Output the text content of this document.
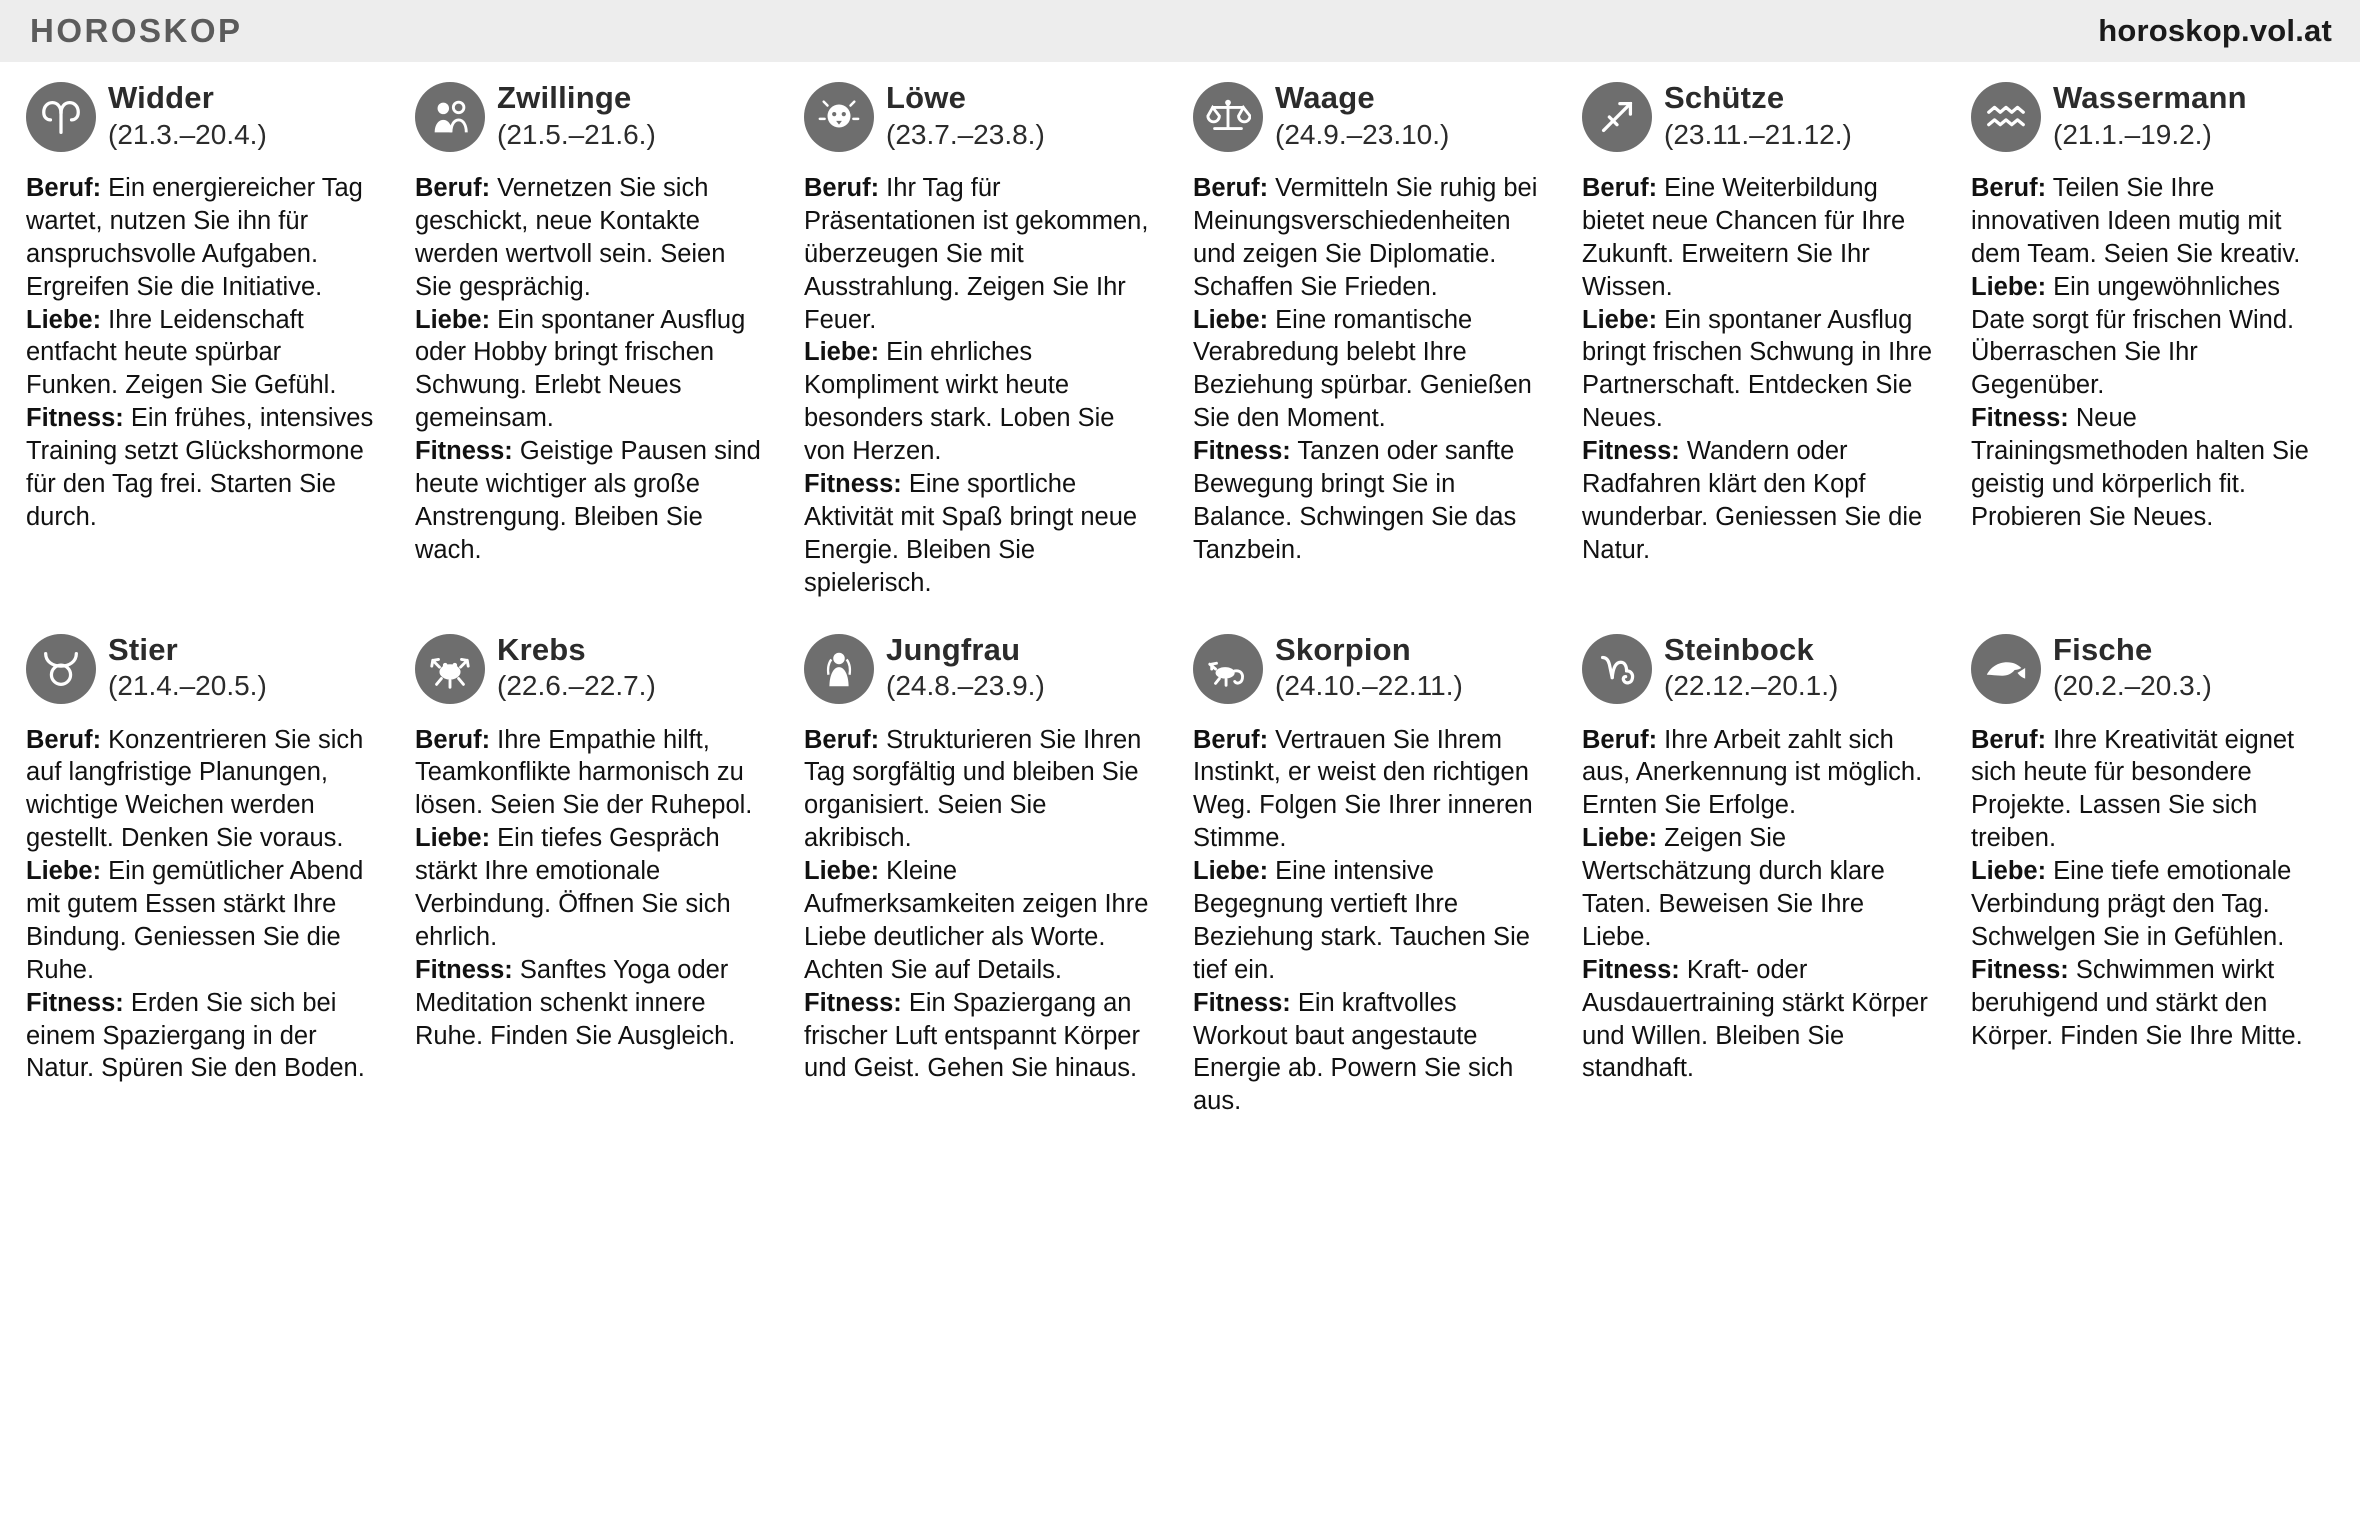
HOROSKOP	horoskop.vol.at
Widder
(21.3.–20.4.)

Beruf: Ein energiereicher Tag wartet, nutzen Sie ihn für anspruchsvolle Aufgaben. Ergreifen Sie die Initiative.

Liebe: Ihre Leidenschaft entfacht heute spürbar Funken. Zeigen Sie Gefühl.

Fitness: Ein frühes, intensives Training setzt Glückshormone für den Tag frei. Starten Sie durch.

Zwillinge
(21.5.–21.6.)

Beruf: Vernetzen Sie sich geschickt, neue Kontakte werden wertvoll sein. Seien Sie gesprächig.

Liebe: Ein spontaner Ausflug oder Hobby bringt frischen Schwung. Erlebt Neues gemeinsam.

Fitness: Geistige Pausen sind heute wichtiger als große Anstrengung. Bleiben Sie wach.

Löwe
(23.7.–23.8.)

Beruf: Ihr Tag für Präsentationen ist gekommen, überzeugen Sie mit Ausstrahlung. Zeigen Sie Ihr Feuer.

Liebe: Ein ehrliches Kompliment wirkt heute besonders stark. Loben Sie von Herzen.

Fitness: Eine sportliche Aktivität mit Spaß bringt neue Energie. Bleiben Sie spielerisch.

Waage
(24.9.–23.10.)

Beruf: Vermitteln Sie ruhig bei Meinungsverschiedenheiten und zeigen Sie Diplomatie. Schaffen Sie Frieden.

Liebe: Eine romantische Verabredung belebt Ihre Beziehung spürbar. Genießen Sie den Moment.

Fitness: Tanzen oder sanfte Bewegung bringt Sie in Balance. Schwingen Sie das Tanzbein.

Schütze
(23.11.–21.12.)

Beruf: Eine Weiterbildung bietet neue Chancen für Ihre Zukunft. Erweitern Sie Ihr Wissen.

Liebe: Ein spontaner Ausflug bringt frischen Schwung in Ihre Partnerschaft. Entdecken Sie Neues.

Fitness: Wandern oder Radfahren klärt den Kopf wunderbar. Geniessen Sie die Natur.

Wassermann
(21.1.–19.2.)

Beruf: Teilen Sie Ihre innovativen Ideen mutig mit dem Team. Seien Sie kreativ.

Liebe: Ein ungewöhnliches Date sorgt für frischen Wind. Überraschen Sie Ihr Gegenüber.

Fitness: Neue Trainingsmethoden halten Sie geistig und körperlich fit. Probieren Sie Neues.

Stier
(21.4.–20.5.)

Beruf: Konzentrieren Sie sich auf langfristige Planungen, wichtige Weichen werden gestellt. Denken Sie voraus.

Liebe: Ein gemütlicher Abend mit gutem Essen stärkt Ihre Bindung. Geniessen Sie die Ruhe.

Fitness: Erden Sie sich bei einem Spaziergang in der Natur. Spüren Sie den Boden.

Krebs
(22.6.–22.7.)

Beruf: Ihre Empathie hilft, Teamkonflikte harmonisch zu lösen. Seien Sie der Ruhepol.

Liebe: Ein tiefes Gespräch stärkt Ihre emotionale Verbindung. Öffnen Sie sich ehrlich.

Fitness: Sanftes Yoga oder Meditation schenkt innere Ruhe. Finden Sie Ausgleich.

Jungfrau
(24.8.–23.9.)

Beruf: Strukturieren Sie Ihren Tag sorgfältig und bleiben Sie organisiert. Seien Sie akribisch.

Liebe: Kleine Aufmerksamkeiten zeigen Ihre Liebe deutlicher als Worte. Achten Sie auf Details.

Fitness: Ein Spaziergang an frischer Luft entspannt Körper und Geist. Gehen Sie hinaus.

Skorpion
(24.10.–22.11.)

Beruf: Vertrauen Sie Ihrem Instinkt, er weist den richtigen Weg. Folgen Sie Ihrer inneren Stimme.

Liebe: Eine intensive Begegnung vertieft Ihre Beziehung stark. Tauchen Sie tief ein.

Fitness: Ein kraftvolles Workout baut angestaute Energie ab. Powern Sie sich aus.

Steinbock
(22.12.–20.1.)

Beruf: Ihre Arbeit zahlt sich aus, Anerkennung ist möglich. Ernten Sie Erfolge.

Liebe: Zeigen Sie Wertschätzung durch klare Taten. Beweisen Sie Ihre Liebe.

Fitness: Kraft- oder Ausdauertraining stärkt Körper und Willen. Bleiben Sie standhaft.

Fische
(20.2.–20.3.)

Beruf: Ihre Kreativität eignet sich heute für besondere Projekte. Lassen Sie sich treiben.

Liebe: Eine tiefe emotionale Verbindung prägt den Tag. Schwelgen Sie in Gefühlen.

Fitness: Schwimmen wirkt beruhigend und stärkt den Körper. Finden Sie Ihre Mitte.
